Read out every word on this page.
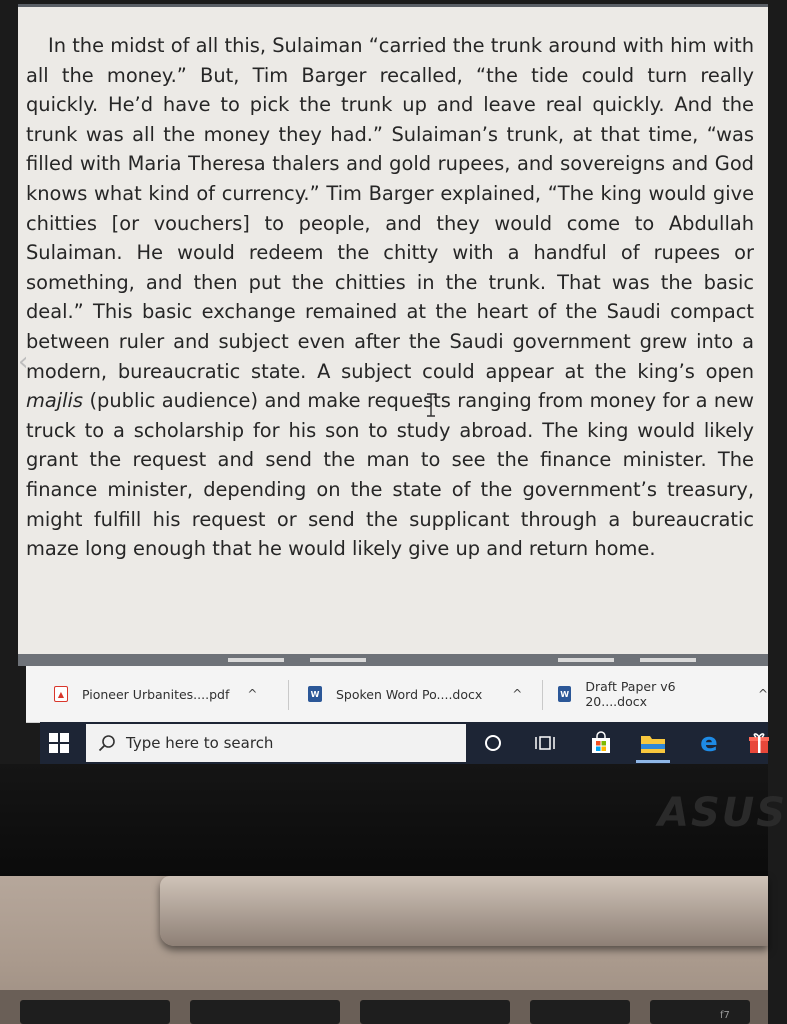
In the midst of all this, Sulaiman “carried the trunk around with him with all the money.” But, Tim Barger recalled, “the tide could turn really quickly. He’d have to pick the trunk up and leave real quickly. And the trunk was all the money they had.” Sulaiman’s trunk, at that time, “was filled with Maria Theresa thalers and gold rupees, and sovereigns and God knows what kind of currency.” Tim Barger explained, “The king would give chitties [or vouchers] to people, and they would come to Abdullah Sulaiman. He would redeem the chitty with a handful of rupees or something, and then put the chitties in the trunk. That was the basic deal.” This basic exchange remained at the heart of the Saudi compact between ruler and subject even after the Saudi government grew into a modern, bureaucratic state. A subject could appear at the king’s open majlis (public audience) and make requests ranging from money for a new truck to a scholarship for his son to study abroad. The king would likely grant the request and send the man to see the finance minister. The finance minister, depending on the state of the government’s treasury, might fulfill his request or send the supplicant through a bureaucratic maze long enough that he would likely give up and return home.

‹
▲	Pioneer Urbanites....pdf ^	W Spoken Word Po....docx	^	W Draft Paper v6 20....docx	^
Type here to search	e
ASUS
f7
